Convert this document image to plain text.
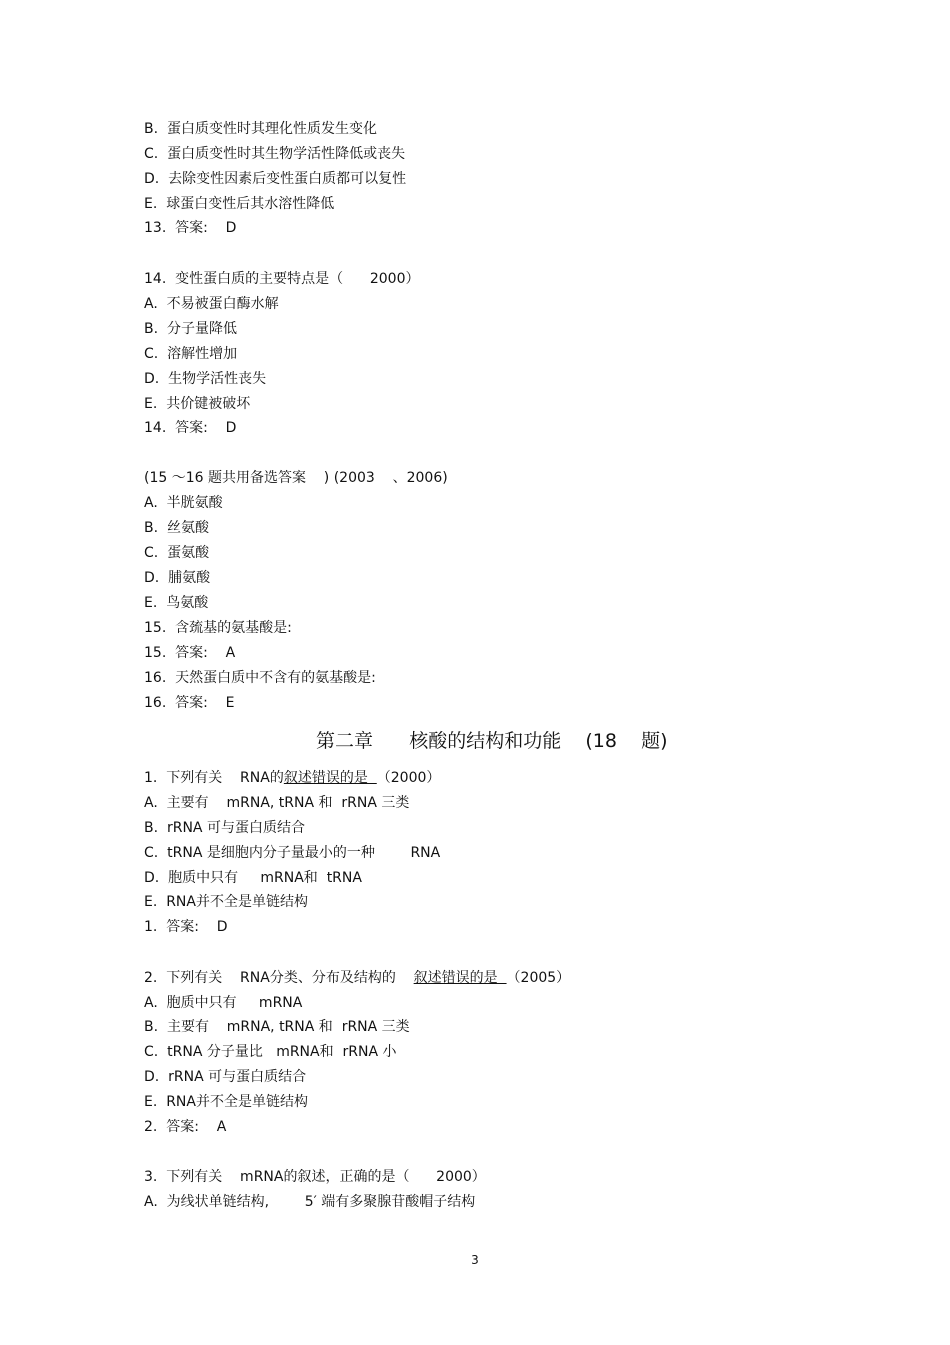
B.  蛋白质变性时其理化性质发生变化
C.  蛋白质变性时其生物学活性降低或丧失
D.  去除变性因素后变性蛋白质都可以复性
E.  球蛋白变性后其水溶性降低
13.  答案:    D
14.  变性蛋白质的主要特点是（      2000）
A.  不易被蛋白酶水解
B.  分子量降低
C.  溶解性增加
D.  生物学活性丧失
E.  共价键被破坏
14.  答案:    D
(15 ～16 题共用备选答案    ) (2003    、2006)
A.  半胱氨酸
B.  丝氨酸
C.  蛋氨酸
D.  脯氨酸
E.  鸟氨酸
15.  含巯基的氨基酸是:
15.  答案:    A
16.  天然蛋白质中不含有的氨基酸是:
16.  答案:    E
第二章      核酸的结构和功能    (18    题)
1.  下列有关    RNA的叙述错误的是  （2000）
A.  主要有    mRNA, tRNA 和  rRNA 三类
B.  rRNA 可与蛋白质结合
C.  tRNA 是细胞内分子量最小的一种        RNA
D.  胞质中只有     mRNA和  tRNA
E.  RNA并不全是单链结构
1.  答案:    D
2.  下列有关    RNA分类、分布及结构的    叙述错误的是  （2005）
A.  胞质中只有     mRNA
B.  主要有    mRNA, tRNA 和  rRNA 三类
C.  tRNA 分子量比   mRNA和  rRNA 小
D.  rRNA 可与蛋白质结合
E.  RNA并不全是单链结构
2.  答案:    A
3.  下列有关    mRNA的叙述，正确的是（      2000）
A.  为线状单链结构,        5′ 端有多聚腺苷酸帽子结构
3
